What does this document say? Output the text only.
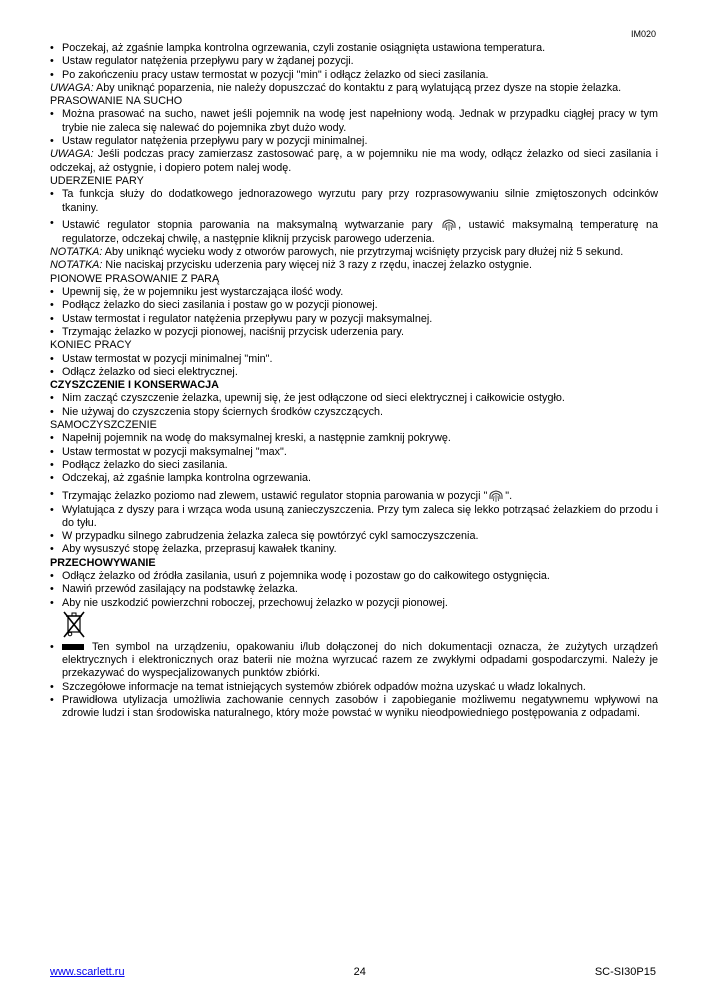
IM020
• Poczekaj, aż zgaśnie lampka kontrolna ogrzewania, czyli zostanie osiągnięta ustawiona temperatura.
• Ustaw regulator natężenia przepływu pary w żądanej pozycji.
• Po zakończeniu pracy ustaw termostat w pozycji "min" i odłącz żelazko od sieci zasilania.
UWAGA: Aby uniknąć poparzenia, nie należy dopuszczać do kontaktu z parą wylatującą przez dysze na stopie żelazka.
PRASOWANIE NA SUCHO
• Można prasować na sucho, nawet jeśli pojemnik na wodę jest napełniony wodą. Jednak w przypadku ciągłej pracy w tym trybie nie zaleca się nalewać do pojemnika zbyt dużo wody.
• Ustaw regulator natężenia przepływu pary w pozycji minimalnej.
UWAGA: Jeśli podczas pracy zamierzasz zastosować parę, a w pojemniku nie ma wody, odłącz żelazko od sieci zasilania i odczekaj, aż ostygnie, i dopiero potem nalej wodę.
UDERZENIE PARY
• Ta funkcja służy do dodatkowego jednorazowego wyrzutu pary przy rozprasowywaniu silnie zmiętoszonych odcinków tkaniny.
• Ustawić regulator stopnia parowania na maksymalną wytwarzanie pary , ustawić maksymalną temperaturę na regulatorze, odczekaj chwilę, a następnie kliknij przycisk parowego uderzenia.
NOTATKA: Aby uniknąć wycieku wody z otworów parowych, nie przytrzymaj wciśnięty przycisk pary dłużej niż 5 sekund.
NOTATKA: Nie naciskaj przycisku uderzenia pary więcej niż 3 razy z rzędu, inaczej żelazko ostygnie.
PIONOWE PRASOWANIE Z PARĄ
• Upewnij się, że w pojemniku jest wystarczająca ilość wody.
• Podłącz żelazko do sieci zasilania i postaw go w pozycji pionowej.
• Ustaw termostat i regulator natężenia przepływu pary w pozycji maksymalnej.
• Trzymając żelazko w pozycji pionowej, naciśnij przycisk uderzenia pary.
KONIEC PRACY
• Ustaw termostat w pozycji minimalnej "min".
• Odłącz żelazko od sieci elektrycznej.
CZYSZCZENIE I KONSERWACJA
• Nim zacząć czyszczenie żelazka, upewnij się, że jest odłączone od sieci elektrycznej i całkowicie ostygło.
• Nie używaj do czyszczenia stopy ściernych środków czyszczących.
SAMOCZYSZCZENIE
• Napełnij pojemnik na wodę do maksymalnej kreski, a następnie zamknij pokrywę.
• Ustaw termostat w pozycji maksymalnej "max".
• Podłącz żelazko do sieci zasilania.
• Odczekaj, aż zgaśnie lampka kontrolna ogrzewania.
• Trzymając żelazko poziomo nad zlewem, ustawić regulator stopnia parowania w pozycji " ".
• Wylatująca z dyszy para i wrząca woda usuną zanieczyszczenia. Przy tym zaleca się lekko potrząsać żelazkiem do przodu i do tyłu.
• W przypadku silnego zabrudzenia żelazka zaleca się powtórzyć cykl samoczyszczenia.
• Aby wysuszyć stopę żelazka, przeprasuj kawałek tkaniny.
PRZECHOWYWANIE
• Odłącz żelazko od źródła zasilania, usuń z pojemnika wodę i pozostaw go do całkowitego ostygnięcia.
• Nawiń przewód zasilający na podstawkę żelazka.
• Aby nie uszkodzić powierzchni roboczej, przechowuj żelazko w pozycji pionowej.
•	Ten symbol na urządzeniu, opakowaniu i/lub dołączonej do nich dokumentacji oznacza, że zużytych urządzeń elektrycznych i elektronicznych oraz baterii nie można wyrzucać razem ze zwykłymi odpadami gospodarczymi. Należy je przekazywać do wyspecjalizowanych punktów zbiórki.
• Szczegółowe informacje na temat istniejących systemów zbiórek odpadów można uzyskać u władz lokalnych.
• Prawidłowa utylizacja umożliwia zachowanie cennych zasobów i zapobieganie możliwemu negatywnemu wpływowi na zdrowie ludzi i stan środowiska naturalnego, który może powstać w wyniku nieodpowiedniego postępowania z odpadami.
www.scarlett.ru	24	SC-SI30P15
